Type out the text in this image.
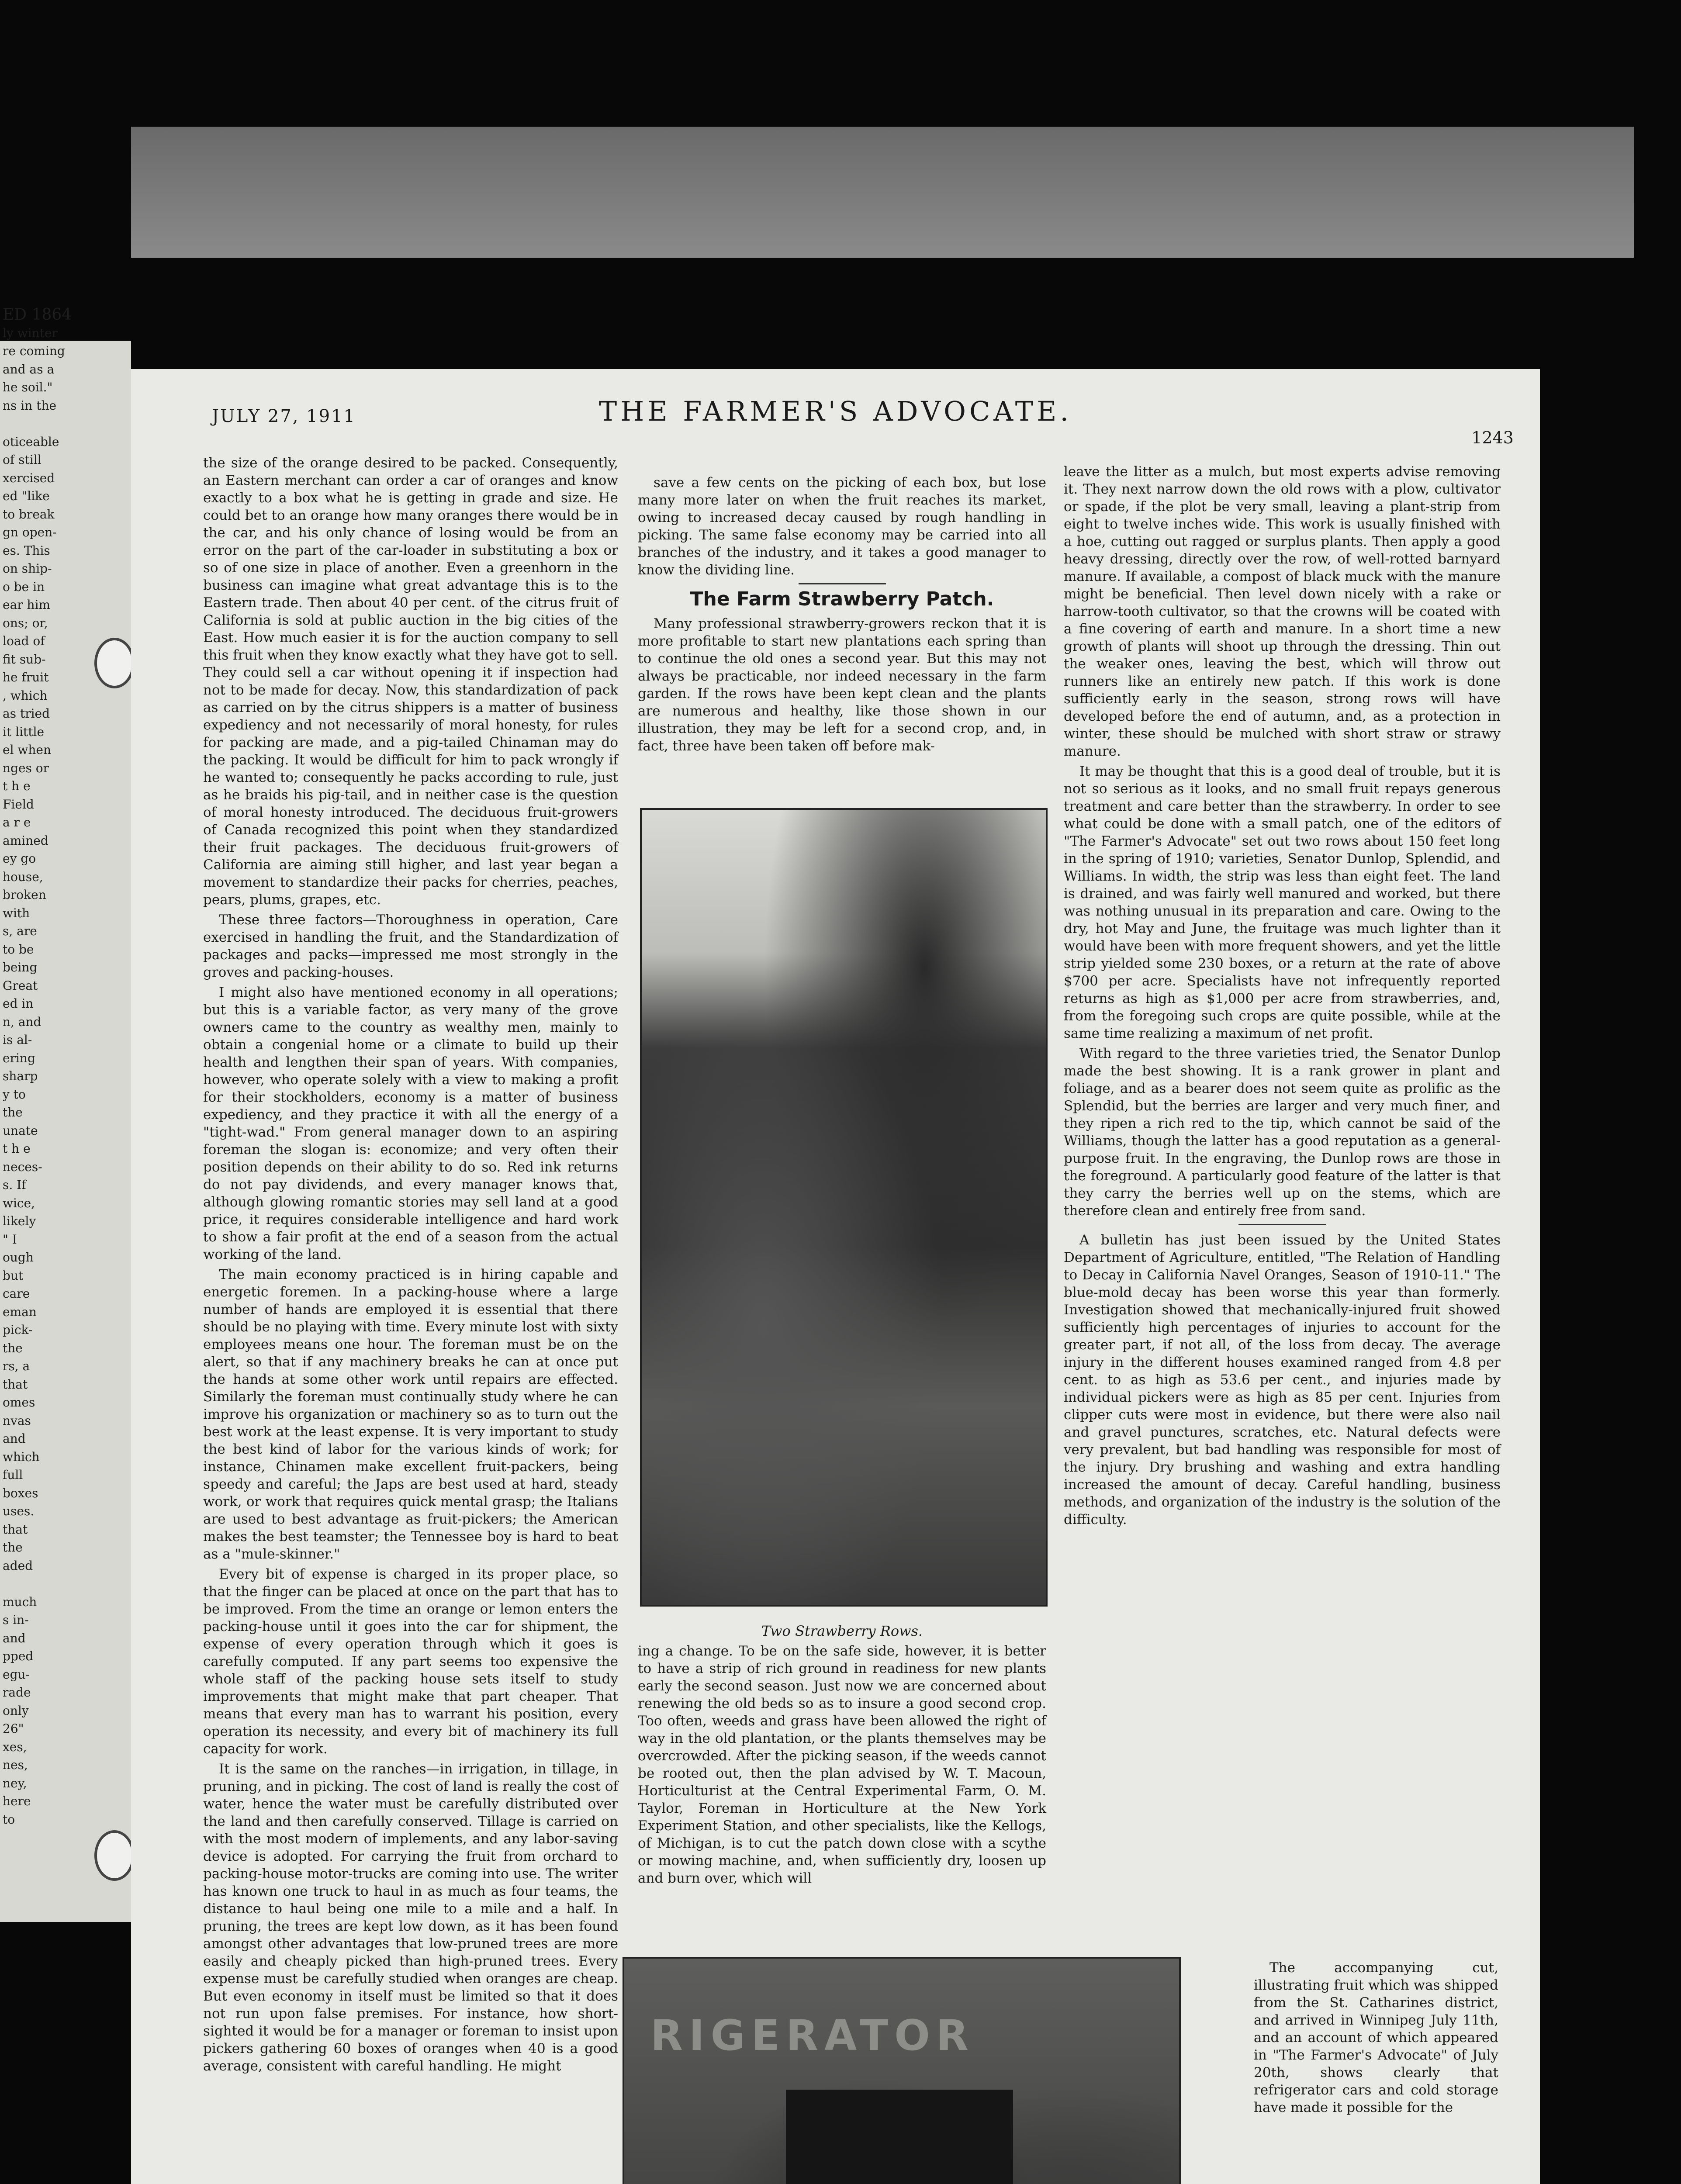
ED 1864
ly winter
re coming
and as a
he soil."
ns in the

oticeable
of still
xercised
ed "like
to break
gn open-
es. This
on ship-
o be in
ear him
ons; or,
load of
fit sub-
he fruit
, which
as tried
it little
el when
nges or
t h e
Field
a r e
amined
ey go
house,
broken
with
s, are
to be
being
Great
ed in
n, and
is al-
ering
sharp
y to
the
unate
t h e
neces-
s. If
wice,
likely
" I
ough
but
care
eman
pick-
the
rs, a
that
omes
nvas
and
which
full
boxes
uses.
that
the
aded

much
s in-
and
pped
egu-
rade
only
26"
xes,
nes,
ney,
here
to
JULY 27, 1911	THE FARMER'S ADVOCATE.
1243

the size of the orange desired to be packed. Consequently, an Eastern merchant can order a car of oranges and know exactly to a box what he is getting in grade and size. He could bet to an orange how many oranges there would be in the car, and his only chance of losing would be from an error on the part of the car-loader in substituting a box or so of one size in place of another. Even a greenhorn in the business can imagine what great advantage this is to the Eastern trade. Then about 40 per cent. of the citrus fruit of California is sold at public auction in the big cities of the East. How much easier it is for the auction company to sell this fruit when they know exactly what they have got to sell. They could sell a car without opening it if inspection had not to be made for decay. Now, this standardization of pack as carried on by the citrus shippers is a matter of business expediency and not necessarily of moral honesty, for rules for packing are made, and a pig-tailed Chinaman may do the packing. It would be difficult for him to pack wrongly if he wanted to; consequently he packs according to rule, just as he braids his pig-tail, and in neither case is the question of moral honesty introduced. The deciduous fruit-growers of Canada recognized this point when they standardized their fruit packages. The deciduous fruit-growers of California are aiming still higher, and last year began a movement to standardize their packs for cherries, peaches, pears, plums, grapes, etc.

These three factors—Thoroughness in operation, Care exercised in handling the fruit, and the Standardization of packages and packs—impressed me most strongly in the groves and packing-houses.

I might also have mentioned economy in all operations; but this is a variable factor, as very many of the grove owners came to the country as wealthy men, mainly to obtain a congenial home or a climate to build up their health and lengthen their span of years. With companies, however, who operate solely with a view to making a profit for their stockholders, economy is a matter of business expediency, and they practice it with all the energy of a "tight-wad." From general manager down to an aspiring foreman the slogan is: economize; and very often their position depends on their ability to do so. Red ink returns do not pay dividends, and every manager knows that, although glowing romantic stories may sell land at a good price, it requires considerable intelligence and hard work to show a fair profit at the end of a season from the actual working of the land.

The main economy practiced is in hiring capable and energetic foremen. In a packing-house where a large number of hands are employed it is essential that there should be no playing with time. Every minute lost with sixty employees means one hour. The foreman must be on the alert, so that if any machinery breaks he can at once put the hands at some other work until repairs are effected. Similarly the foreman must continually study where he can improve his organization or machinery so as to turn out the best work at the least expense. It is very important to study the best kind of labor for the various kinds of work; for instance, Chinamen make excellent fruit-packers, being speedy and careful; the Japs are best used at hard, steady work, or work that requires quick mental grasp; the Italians are used to best advantage as fruit-pickers; the American makes the best teamster; the Tennessee boy is hard to beat as a "mule-skinner."

Every bit of expense is charged in its proper place, so that the finger can be placed at once on the part that has to be improved. From the time an orange or lemon enters the packing-house until it goes into the car for shipment, the expense of every operation through which it goes is carefully computed. If any part seems too expensive the whole staff of the packing house sets itself to study improvements that might make that part cheaper. That means that every man has to warrant his position, every operation its necessity, and every bit of machinery its full capacity for work.

It is the same on the ranches—in irrigation, in tillage, in pruning, and in picking. The cost of land is really the cost of water, hence the water must be carefully distributed over the land and then carefully conserved. Tillage is carried on with the most modern of implements, and any labor-saving device is adopted. For carrying the fruit from orchard to packing-house motor-trucks are coming into use. The writer has known one truck to haul in as much as four teams, the distance to haul being one mile to a mile and a half. In pruning, the trees are kept low down, as it has been found amongst other advantages that low-pruned trees are more easily and cheaply picked than high-pruned trees. Every expense must be carefully studied when oranges are cheap. But even economy in itself must be limited so that it does not run upon false premises. For instance, how short-sighted it would be for a manager or foreman to insist upon pickers gathering 60 boxes of oranges when 40 is a good average, consistent with careful handling. He might

save a few cents on the picking of each box, but lose many more later on when the fruit reaches its market, owing to increased decay caused by rough handling in picking. The same false economy may be carried into all branches of the industry, and it takes a good manager to know the dividing line.

The Farm Strawberry Patch.

Many professional strawberry-growers reckon that it is more profitable to start new plantations each spring than to continue the old ones a second year. But this may not always be practicable, nor indeed necessary in the farm garden. If the rows have been kept clean and the plants are numerous and healthy, like those shown in our illustration, they may be left for a second crop, and, in fact, three have been taken off before mak-

Two Strawberry Rows.

ing a change. To be on the safe side, however, it is better to have a strip of rich ground in readiness for new plants early the second season. Just now we are concerned about renewing the old beds so as to insure a good second crop. Too often, weeds and grass have been allowed the right of way in the old plantation, or the plants themselves may be overcrowded. After the picking season, if the weeds cannot be rooted out, then the plan advised by W. T. Macoun, Horticulturist at the Central Experimental Farm, O. M. Taylor, Foreman in Horticulture at the New York Experiment Station, and other specialists, like the Kellogs, of Michigan, is to cut the patch down close with a scythe or mowing machine, and, when sufficiently dry, loosen up and burn over, which will

RIGERATOR

leave the litter as a mulch, but most experts advise removing it. They next narrow down the old rows with a plow, cultivator or spade, if the plot be very small, leaving a plant-strip from eight to twelve inches wide. This work is usually finished with a hoe, cutting out ragged or surplus plants. Then apply a good heavy dressing, directly over the row, of well-rotted barnyard manure. If available, a compost of black muck with the manure might be beneficial. Then level down nicely with a rake or harrow-tooth cultivator, so that the crowns will be coated with a fine covering of earth and manure. In a short time a new growth of plants will shoot up through the dressing. Thin out the weaker ones, leaving the best, which will throw out runners like an entirely new patch. If this work is done sufficiently early in the season, strong rows will have developed before the end of autumn, and, as a protection in winter, these should be mulched with short straw or strawy manure.

It may be thought that this is a good deal of trouble, but it is not so serious as it looks, and no small fruit repays generous treatment and care better than the strawberry. In order to see what could be done with a small patch, one of the editors of "The Farmer's Advocate" set out two rows about 150 feet long in the spring of 1910; varieties, Senator Dunlop, Splendid, and Williams. In width, the strip was less than eight feet. The land is drained, and was fairly well manured and worked, but there was nothing unusual in its preparation and care. Owing to the dry, hot May and June, the fruitage was much lighter than it would have been with more frequent showers, and yet the little strip yielded some 230 boxes, or a return at the rate of above $700 per acre. Specialists have not infrequently reported returns as high as $1,000 per acre from strawberries, and, from the foregoing such crops are quite possible, while at the same time realizing a maximum of net profit.

With regard to the three varieties tried, the Senator Dunlop made the best showing. It is a rank grower in plant and foliage, and as a bearer does not seem quite as prolific as the Splendid, but the berries are larger and very much finer, and they ripen a rich red to the tip, which cannot be said of the Williams, though the latter has a good reputation as a general-purpose fruit. In the engraving, the Dunlop rows are those in the foreground. A particularly good feature of the latter is that they carry the berries well up on the stems, which are therefore clean and entirely free from sand.

A bulletin has just been issued by the United States Department of Agriculture, entitled, "The Relation of Handling to Decay in California Navel Oranges, Season of 1910-11." The blue-mold decay has been worse this year than formerly. Investigation showed that mechanically-injured fruit showed sufficiently high percentages of injuries to account for the greater part, if not all, of the loss from decay. The average injury in the different houses examined ranged from 4.8 per cent. to as high as 53.6 per cent., and injuries made by individual pickers were as high as 85 per cent. Injuries from clipper cuts were most in evidence, but there were also nail and gravel punctures, scratches, etc. Natural defects were very prevalent, but bad handling was responsible for most of the injury. Dry brushing and washing and extra handling increased the amount of decay. Careful handling, business methods, and organization of the industry is the solution of the difficulty.

The accompanying cut, illustrating fruit which was shipped from the St. Catharines district, and arrived in Winnipeg July 11th, and an account of which appeared in "The Farmer's Advocate" of July 20th, shows clearly that refrigerator cars and cold storage have made it possible for the
